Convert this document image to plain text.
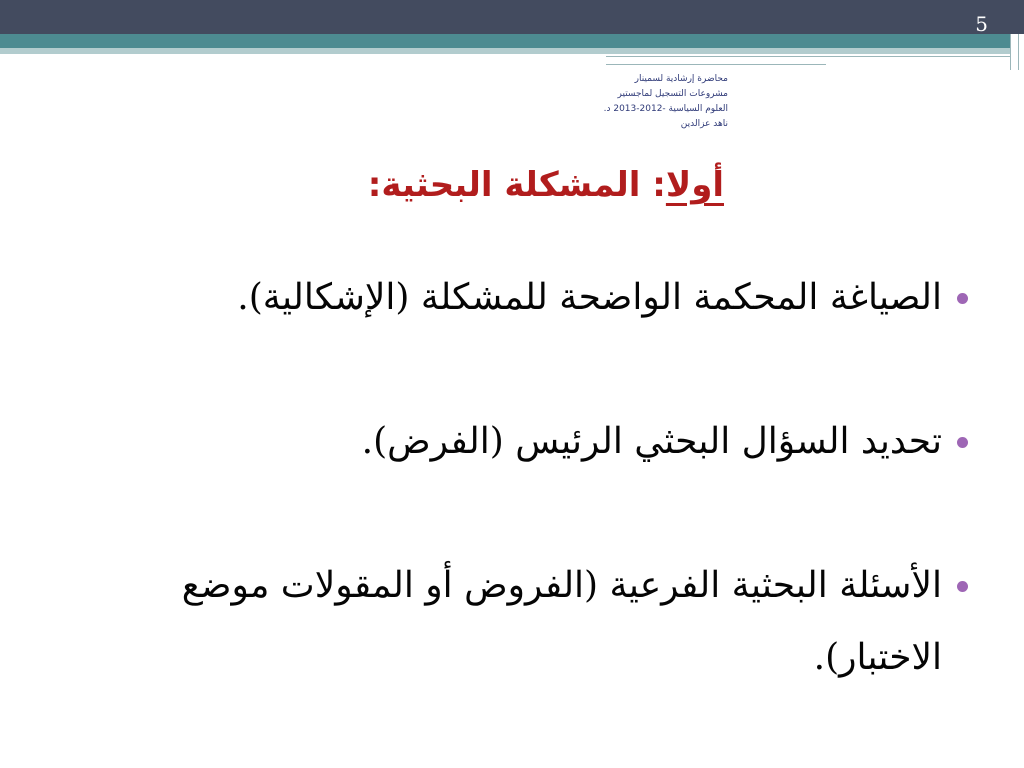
5
محاضرة إرشادية لسمينار
مشروعات التسجيل لماجستير
العلوم السياسية -2012-2013 د.
ناهد عزالدين
أولا: المشكلة البحثية:
الصياغة المحكمة الواضحة للمشكلة (الإشكالية).
تحديد السؤال البحثي الرئيس (الفرض).
الأسئلة البحثية الفرعية (الفروض أو المقولات موضع الاختبار).
